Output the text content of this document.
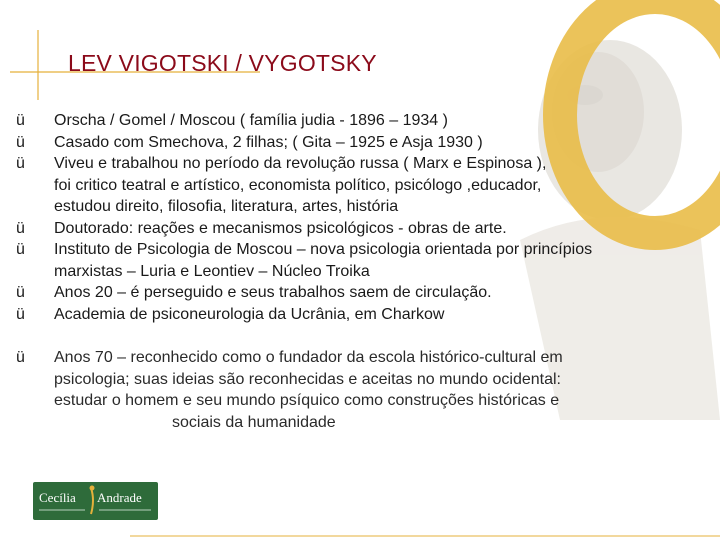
LEV VIGOTSKI / VYGOTSKY
ü	Orscha / Gomel / Moscou ( família judia - 1896 – 1934 )
ü	Casado com Smechova, 2 filhas; ( Gita – 1925 e Asja 1930 )
ü	Viveu e trabalhou no período da revolução russa ( Marx e Espinosa ),
foi critico teatral e artístico, economista político, psicólogo ,educador,
estudou direito, filosofia, literatura, artes, história
ü	Doutorado: reações e mecanismos psicológicos - obras de arte.
ü	Instituto de Psicologia de Moscou – nova psicologia orientada por princípios
marxistas – Luria e Leontiev – Núcleo Troika
ü	Anos 20 – é perseguido e seus trabalhos saem de circulação.
ü	Academia de psiconeurologia da Ucrânia, em Charkow
ü	Anos 70 – reconhecido como o fundador da escola histórico-cultural em
psicologia; suas ideias são reconhecidas e aceitas no mundo ocidental:
estudar o homem e seu mundo psíquico como construções históricas e
sociais da humanidade
Cecília Andrade
